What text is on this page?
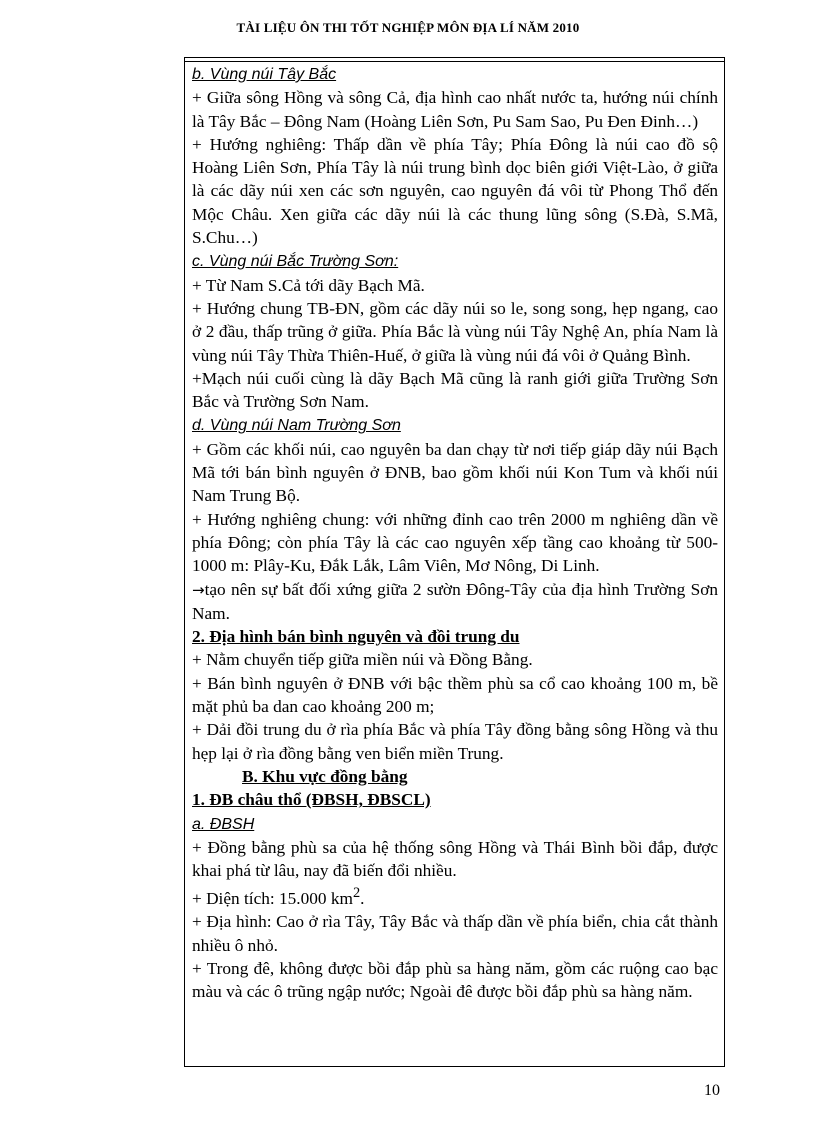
TÀI LIỆU ÔN THI TỐT NGHIỆP MÔN ĐỊA LÍ NĂM 2010

b. Vùng núi Tây Bắc

+ Giữa sông Hồng và sông Cả, địa hình cao nhất nước ta, hướng núi chính là Tây Bắc – Đông Nam (Hoàng Liên Sơn, Pu Sam Sao, Pu Đen Đinh…)

+ Hướng nghiêng: Thấp dần về phía Tây; Phía Đông là núi cao đồ sộ Hoàng Liên Sơn, Phía Tây là núi trung bình dọc biên giới Việt-Lào, ở giữa là các dãy núi xen các sơn nguyên, cao nguyên đá vôi từ Phong Thổ đến Mộc Châu. Xen giữa các dãy núi là các thung lũng sông (S.Đà, S.Mã, S.Chu…)

c. Vùng núi Bắc Trường Sơn:

+ Từ Nam S.Cả tới dãy Bạch Mã.

+ Hướng chung TB-ĐN, gồm các dãy núi so le, song song, hẹp ngang, cao ở 2 đầu, thấp trũng ở giữa. Phía Bắc là vùng núi Tây Nghệ An, phía Nam là vùng núi Tây Thừa Thiên-Huế, ở giữa là vùng núi đá vôi ở Quảng Bình.

+Mạch núi cuối cùng là dãy Bạch Mã cũng là ranh giới giữa Trường Sơn Bắc và Trường Sơn Nam.

d. Vùng núi Nam Trường Sơn

+ Gồm các khối núi, cao nguyên ba dan chạy từ nơi tiếp giáp dãy núi Bạch Mã tới bán bình nguyên ở ĐNB, bao gồm khối núi Kon Tum và khối núi Nam Trung Bộ.

+ Hướng nghiêng chung: với những đỉnh cao trên 2000 m nghiêng dần về phía Đông; còn phía Tây là các cao nguyên xếp tầng cao khoảng từ 500-1000 m: Plây-Ku, Đắk Lắk, Lâm Viên, Mơ Nông, Di Linh.

→tạo nên sự bất đối xứng giữa 2 sườn Đông-Tây của địa hình Trường Sơn Nam.

2. Địa hình bán bình nguyên và đồi trung du

+ Nằm chuyển tiếp giữa miền núi và Đồng Bằng.

+ Bán bình nguyên ở ĐNB với bậc thềm phù sa cổ cao khoảng 100 m, bề mặt phủ ba dan cao khoảng 200 m;

+ Dải đồi trung du ở rìa phía Bắc và phía Tây đồng bằng sông Hồng và thu hẹp lại ở rìa đồng bằng ven biển miền Trung.

B. Khu vực đồng bằng

1. ĐB châu thổ (ĐBSH, ĐBSCL)

a. ĐBSH

+ Đồng bằng phù sa của hệ thống sông Hồng và Thái Bình bồi đắp, được khai phá từ lâu, nay đã biến đổi nhiều.

+ Diện tích: 15.000 $km^2$.

+ Địa hình: Cao ở rìa Tây, Tây Bắc và thấp dần về phía biển, chia cắt thành nhiều ô nhỏ.

+ Trong đê, không được bồi đắp phù sa hàng năm, gồm các ruộng cao bạc màu và các ô trũng ngập nước; Ngoài đê được bồi đắp phù sa hàng năm.

10
